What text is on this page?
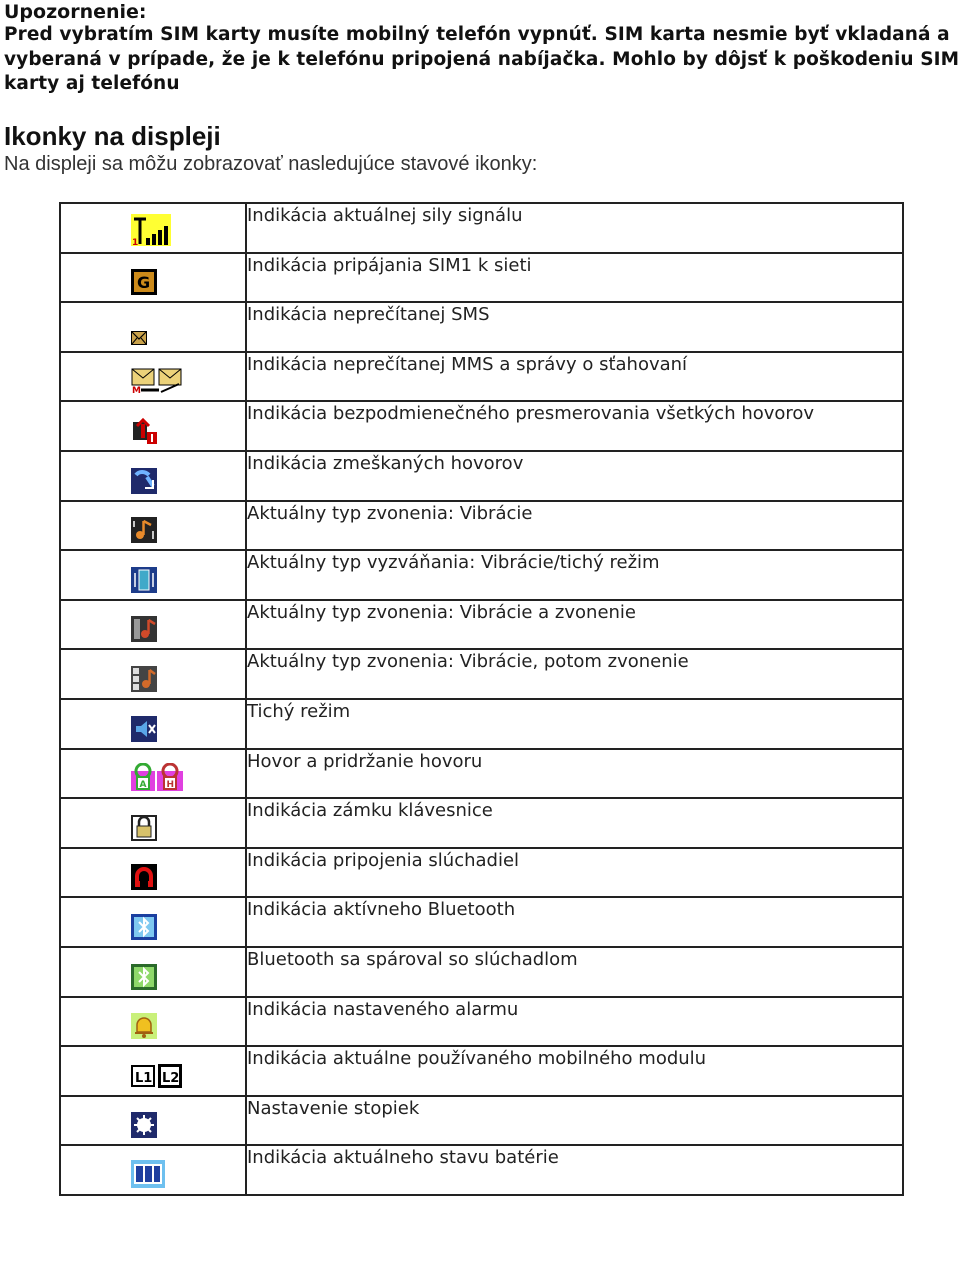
Upozornenie:
Pred vybratím SIM karty musíte mobilný telefón vypnúť. SIM karta nesmie byť vkladaná a vyberaná v prípade, že je k telefónu pripojená nabíjačka. Mohlo by dôjsť k poškodeniu SIM karty aj telefónu
Ikonky na displeji
Na displeji sa môžu zobrazovať nasledujúce stavové ikonky:
1	Indikácia aktuálnej sily signálu

G	Indikácia pripájania SIM1 k sieti

	Indikácia neprečítanej SMS

M	Indikácia neprečítanej MMS a správy o sťahovaní

	Indikácia bezpodmienečného presmerovania všetkých hovorov

	Indikácia zmeškaných hovorov

	Aktuálny typ zvonenia: Vibrácie

	Aktuálny typ vyzváňania: Vibrácie/tichý režim

	Aktuálny typ zvonenia: Vibrácie a zvonenie

	Aktuálny typ zvonenia: Vibrácie, potom zvonenie

	Tichý režim

A H	Hovor a pridržanie hovoru

	Indikácia zámku klávesnice

	Indikácia pripojenia slúchadiel

	Indikácia aktívneho Bluetooth

	Bluetooth sa spároval so slúchadlom

	Indikácia nastaveného alarmu

L1 L2	Indikácia aktuálne používaného mobilného modulu

	Nastavenie stopiek

	Indikácia aktuálneho stavu batérie
